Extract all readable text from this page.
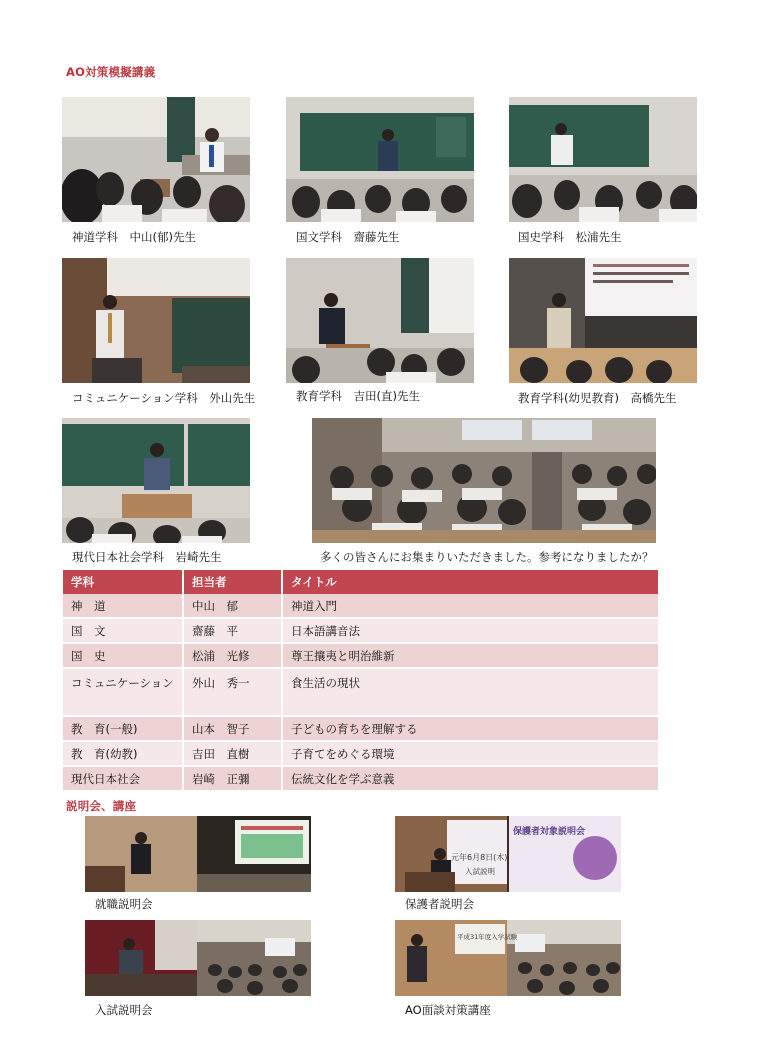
AO対策模擬講義
神道学科　中山(郁)先生	国文学科　齋藤先生	国史学科　松浦先生
コミュニケーション学科　外山先生	教育学科　吉田(直)先生	教育学科(幼児教育)　高橋先生
現代日本社会学科　岩崎先生	多くの皆さんにお集まりいただきました。参考になりましたか？
学科	担当者	タイトル
神　道	中山　郁	神道入門
国　文	齋藤　平	日本語講音法
国　史	松浦　光修	尊王攘夷と明治維新
コミュニケーション	外山　秀一	食生活の現状
教　育(一般)	山本　智子	子どもの育ちを理解する
教　育(幼教)	吉田　直樹	子育てをめぐる環境
現代日本社会	岩崎　正彌	伝統文化を学ぶ意義
説明会、講座
就職説明会
保護者対象説明会
元年6月8日(木)
入試説明
保護者説明会
入試説明会
平成31年度入学試験
AO面談対策講座
